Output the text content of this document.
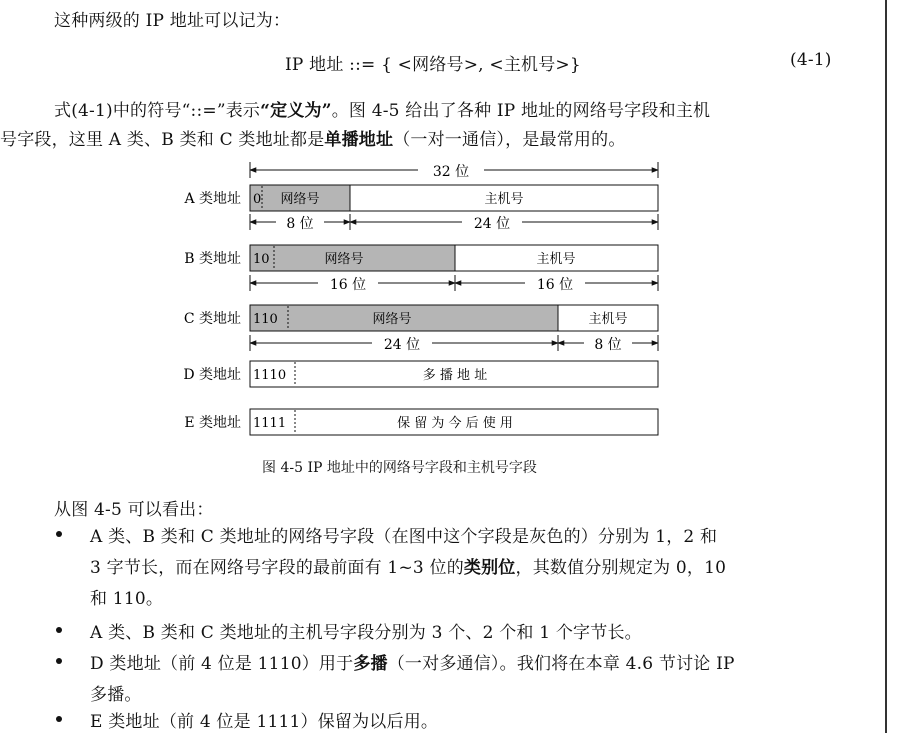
这种两级的 IP 地址可以记为：
IP 地址 ::= { <网络号>, <主机号>}	(4-1)
式(4-1)中的符号“::=”表示“定义为”。图 4-5 给出了各种 IP 地址的网络号字段和主机
号字段，这里 A 类、B 类和 C 类地址都是单播地址（一对一通信），是最常用的。
32 位
A 类地址 0 网络号	主机号
8 位	24 位
B 类地址 10	网络号	主机号
16 位	16 位
C 类地址 110	网络号	主机号
24 位	8 位
D 类地址 1110	多 播 地 址
E 类地址 1111	保 留 为 今 后 使 用
图 4-5 IP 地址中的网络号字段和主机号字段
从图 4-5 可以看出：
A 类、B 类和 C 类地址的网络号字段（在图中这个字段是灰色的）分别为 1，2 和
3 字节长，而在网络号字段的最前面有 1~3 位的类别位，其数值分别规定为 0，10
和 110。
A 类、B 类和 C 类地址的主机号字段分别为 3 个、2 个和 1 个字节长。
D 类地址（前 4 位是 1110）用于多播（一对多通信）。我们将在本章 4.6 节讨论 IP
多播。
E 类地址（前 4 位是 1111）保留为以后用。
